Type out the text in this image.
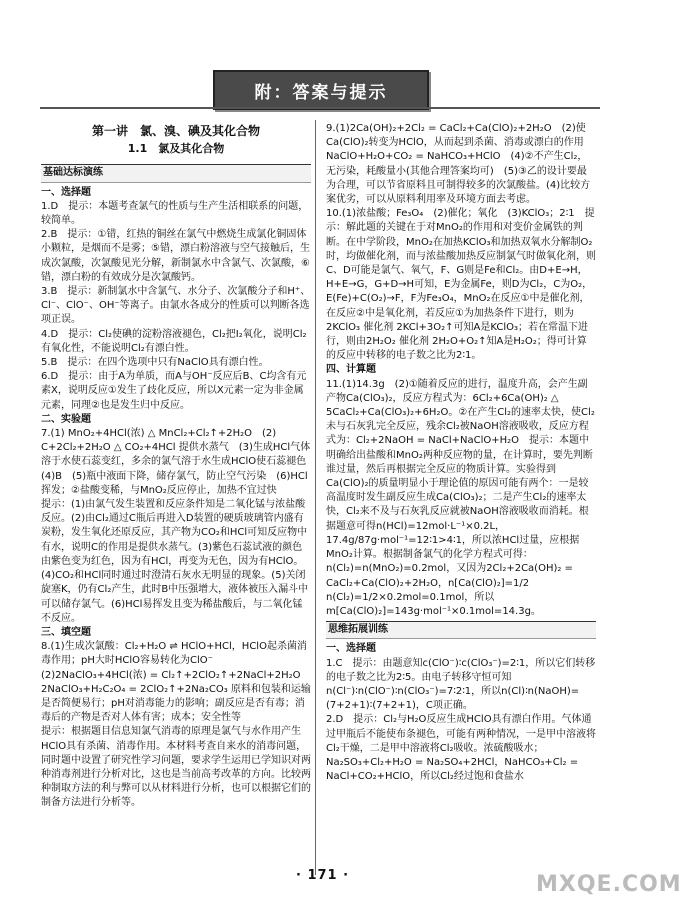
附：答案与提示

第一讲　氯、溴、碘及其化合物

1.1　氯及其化合物

基础达标演练

一、选择题

1.D　提示：本题考查氯气的性质与生产生活相联系的问题，较简单。

2.B　提示：①错，红热的铜丝在氯气中燃烧生成氯化铜固体小颗粒，是烟而不是雾；⑤错，漂白粉溶液与空气接触后，生成次氯酸，次氯酸见光分解，新制氯水中含氯气、次氯酸，⑥错，漂白粉的有效成分是次氯酸钙。

3.B　提示：新制氯水中含氯气、水分子、次氯酸分子和H⁺、Cl⁻、ClO⁻、OH⁻等离子。由氯水各成分的性质可以判断各选项正误。

4.D　提示：Cl₂使碘的淀粉溶液褪色，Cl₂把I₂氧化，说明Cl₂有氧化性，不能说明Cl₂有漂白性。

5.B　提示：在四个选项中只有NaClO具有漂白性。

6.D　提示：由于A为单质，而A与OH⁻反应后B、C均含有元素X，说明反应①发生了歧化反应，所以X元素一定为非金属元素，同理②也是发生归中反应。

二、实验题

7.(1) MnO₂+4HCl(浓) △ MnCl₂+Cl₂↑+2H₂O　(2) C+2Cl₂+2H₂O △ CO₂+4HCl 提供水蒸气　(3)生成HCl气体溶于水使石蕊变红，多余的氯气溶于水生成HClO使石蕊褪色　(4)B　(5)瓶中液面下降，储存氯气，防止空气污染　(6)HCl挥发；②盐酸变稀，与MnO₂反应停止，加热不宜过快

提示：(1)由氯气发生装置和反应条件知是二氧化锰与浓盐酸反应。(2)由Cl₂通过C瓶后再进入D装置的硬质玻璃管内盛有炭粉，发生氧化还原反应，其产物为CO₂和HCl可知反应物中有水，说明C的作用是提供水蒸气。(3)紫色石蕊试液的颜色由紫色变为红色，因为有HCl，再变为无色，因为有HClO。(4)CO₂和HCl同时通过时澄清石灰水无明显的现象。(5)关闭旋塞K，仍有Cl₂产生，此时B中压强增大，液体被压入漏斗中可以储存氯气。(6)HCl易挥发且变为稀盐酸后，与二氧化锰不反应。

三、填空题

8.(1)生成次氯酸：Cl₂+H₂O ⇌ HClO+HCl，HClO起杀菌消毒作用；pH大时HClO容易转化为ClO⁻

(2)2NaClO₃+4HCl(浓) = Cl₂↑+2ClO₂↑+2NaCl+2H₂O　2NaClO₃+H₂C₂O₄ = 2ClO₂↑+2Na₂CO₃ 原料和包装和运输是否简便易行；pH对消毒能力的影响；副反应是否有毒；消毒后的产物是否对人体有害；成本；安全性等

提示：根据题目信息知氯气消毒的原理是氯气与水作用产生HClO具有杀菌、消毒作用。本材料考查自来水的消毒问题，同时题中设置了研究性学习问题，要求学生运用已学知识对两种消毒剂进行分析对比，这也是当前高考改革的方向。比较两种制取方法的利与弊可以从材料进行分析，也可以根据它们的制备方法进行分析等。

9.(1)2Ca(OH)₂+2Cl₂ = CaCl₂+Ca(ClO)₂+2H₂O　(2)使Ca(ClO)₂转变为HClO，从而起到杀菌、消毒或漂白的作用　NaClO+H₂O+CO₂ = NaHCO₃+HClO　(4)②不产生Cl₂，无污染，耗酸量小(其他合理答案均可)　(5)③乙的设计要最为合理，可以节省原料且可制得较多的次氯酸盐。(4)比较方案优劣，可以从原料利用率及环境方面去考虑。

10.(1)浓盐酸；Fe₃O₄　(2)催化；氧化　(3)KClO₃；2∶1　提示：解此题的关键在于对MnO₂的作用和对变价金属铁的判断。在中学阶段，MnO₂在加热KClO₃和加热双氧水分解制O₂时，均做催化剂，而与浓盐酸加热反应制氯气时做氧化剂，则C、D可能是氯气、氧气，F、G则是Fe和Cl₂。由D+E→H，H+E→G，G+D→H可知，E为金属Fe，则D为Cl₂，C为O₂，E(Fe)+C(O₂)→F，F为Fe₃O₄，MnO₂在反应①中是催化剂，在反应②中是氧化剂，若反应①为加热条件下进行，则为2KClO₃ 催化剂 2KCl+3O₂↑可知A是KClO₃；若在常温下进行，则由2H₂O₂ 催化剂 2H₂O+O₂↑知A是H₂O₂；得可计算的反应中转移的电子数之比为2∶1。

四、计算题

11.(1)14.3g　(2)①随着反应的进行，温度升高，会产生副产物Ca(ClO₃)₂，反应方程式为：6Cl₂+6Ca(OH)₂ △ 5CaCl₂+Ca(ClO₃)₂+6H₂O。②在产生Cl₂的速率太快，使Cl₂未与石灰乳完全反应，残余Cl₂被NaOH溶液吸收，反应方程式为：Cl₂+2NaOH = NaCl+NaClO+H₂O　提示：本题中明确给出盐酸和MnO₂两种反应物的量，在计算时，要先判断谁过量，然后再根据完全反应的物质计算。实验得到Ca(ClO)₂的质量明显小于理论值的原因可能有两个：一是较高温度时发生副反应生成Ca(ClO₃)₂；二是产生Cl₂的速率太快，Cl₂来不及与石灰乳反应就被NaOH溶液吸收而消耗。根据题意可得n(HCl)=12mol·L⁻¹×0.2L，17.4g/87g·mol⁻¹=12∶1>4∶1，所以浓HCl过量，应根据MnO₂计算。根据制备氯气的化学方程式可得：n(Cl₂)=n(MnO₂)=0.2mol，又因为2Cl₂+2Ca(OH)₂ = CaCl₂+Ca(ClO)₂+2H₂O，n[Ca(ClO)₂]=1/2 n(Cl₂)=1/2×0.2mol=0.1mol，所以m[Ca(ClO)₂]=143g·mol⁻¹×0.1mol=14.3g。

思维拓展训练

一、选择题

1.C　提示：由题意知c(ClO⁻)∶c(ClO₃⁻)=2∶1，所以它们转移的电子数之比为2∶5。由电子转移守恒可知n(Cl⁻)∶n(ClO⁻)∶n(ClO₃⁻)=7∶2∶1，所以n(Cl)∶n(NaOH)=(7+2+1)∶(7+2+1)，C项正确。

2.D　提示：Cl₂与H₂O反应生成HClO具有漂白作用。气体通过甲瓶后不能使布条褪色，可能有两种情况，一是甲中溶液将Cl₂干燥，二是甲中溶液将Cl₂吸收。浓硫酸吸水；Na₂SO₃+Cl₂+H₂O = Na₂SO₄+2HCl，NaHCO₃+Cl₂ = NaCl+CO₂+HClO，所以Cl₂经过饱和食盐水

· 171 ·	MXQE.COM
